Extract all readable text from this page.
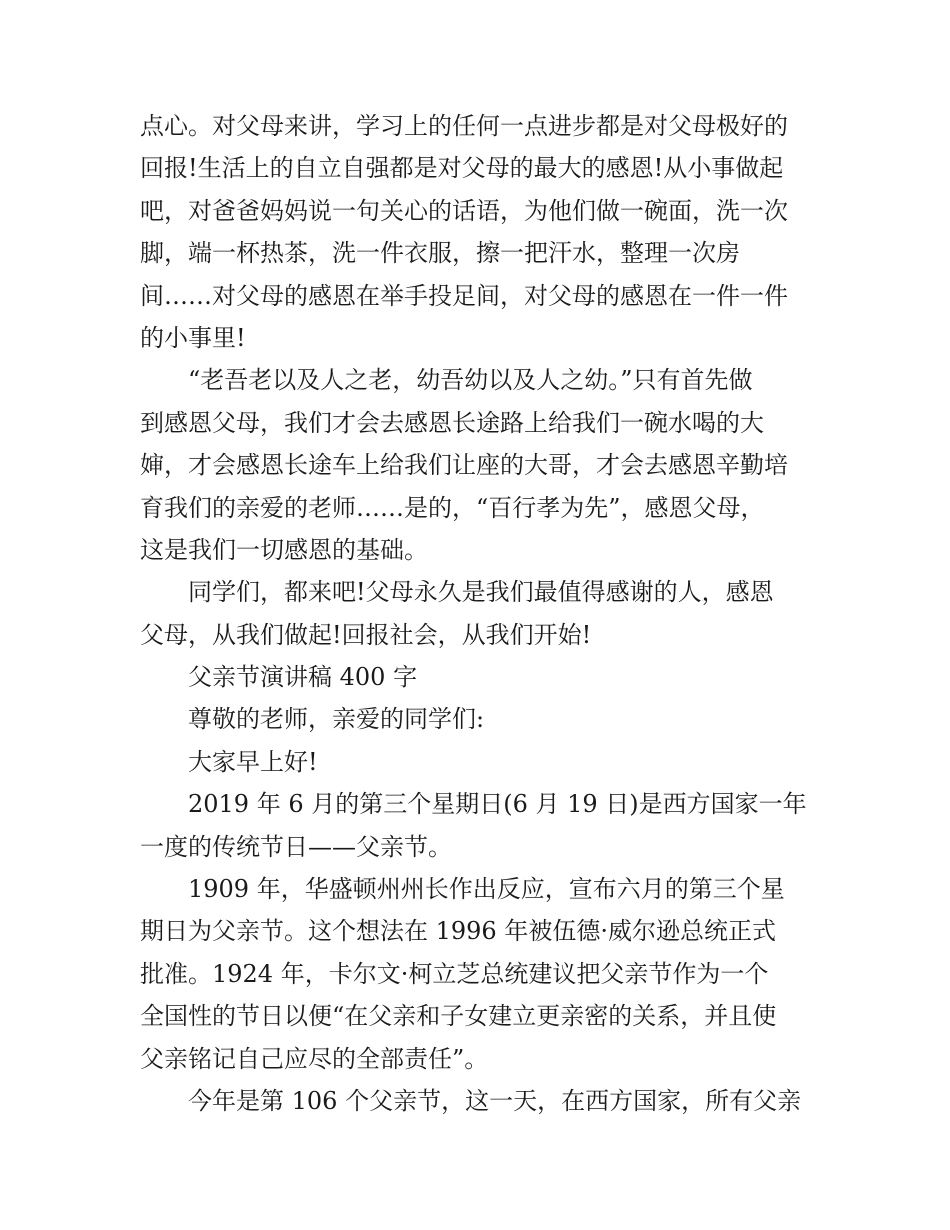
点心。对父母来讲，学习上的任何一点进步都是对父母极好的
回报!生活上的自立自强都是对父母的最大的感恩!从小事做起
吧，对爸爸妈妈说一句关心的话语，为他们做一碗面，洗一次
脚，端一杯热茶，洗一件衣服，擦一把汗水，整理一次房
间……对父母的感恩在举手投足间，对父母的感恩在一件一件
的小事里!
“老吾老以及人之老，幼吾幼以及人之幼。”只有首先做
到感恩父母，我们才会去感恩长途路上给我们一碗水喝的大
婶，才会感恩长途车上给我们让座的大哥，才会去感恩辛勤培
育我们的亲爱的老师……是的，“百行孝为先”，感恩父母，
这是我们一切感恩的基础。
同学们，都来吧!父母永久是我们最值得感谢的人，感恩
父母，从我们做起!回报社会，从我们开始!
父亲节演讲稿 400 字
尊敬的老师，亲爱的同学们:
大家早上好!
2019 年 6 月的第三个星期日(6 月 19 日)是西方国家一年
一度的传统节日——父亲节。
1909 年，华盛顿州州长作出反应，宣布六月的第三个星
期日为父亲节。这个想法在 1996 年被伍德·威尔逊总统正式
批准。1924 年，卡尔文·柯立芝总统建议把父亲节作为一个
全国性的节日以便“在父亲和子女建立更亲密的关系，并且使
父亲铭记自己应尽的全部责任”。
今年是第 106 个父亲节，这一天，在西方国家，所有父亲
